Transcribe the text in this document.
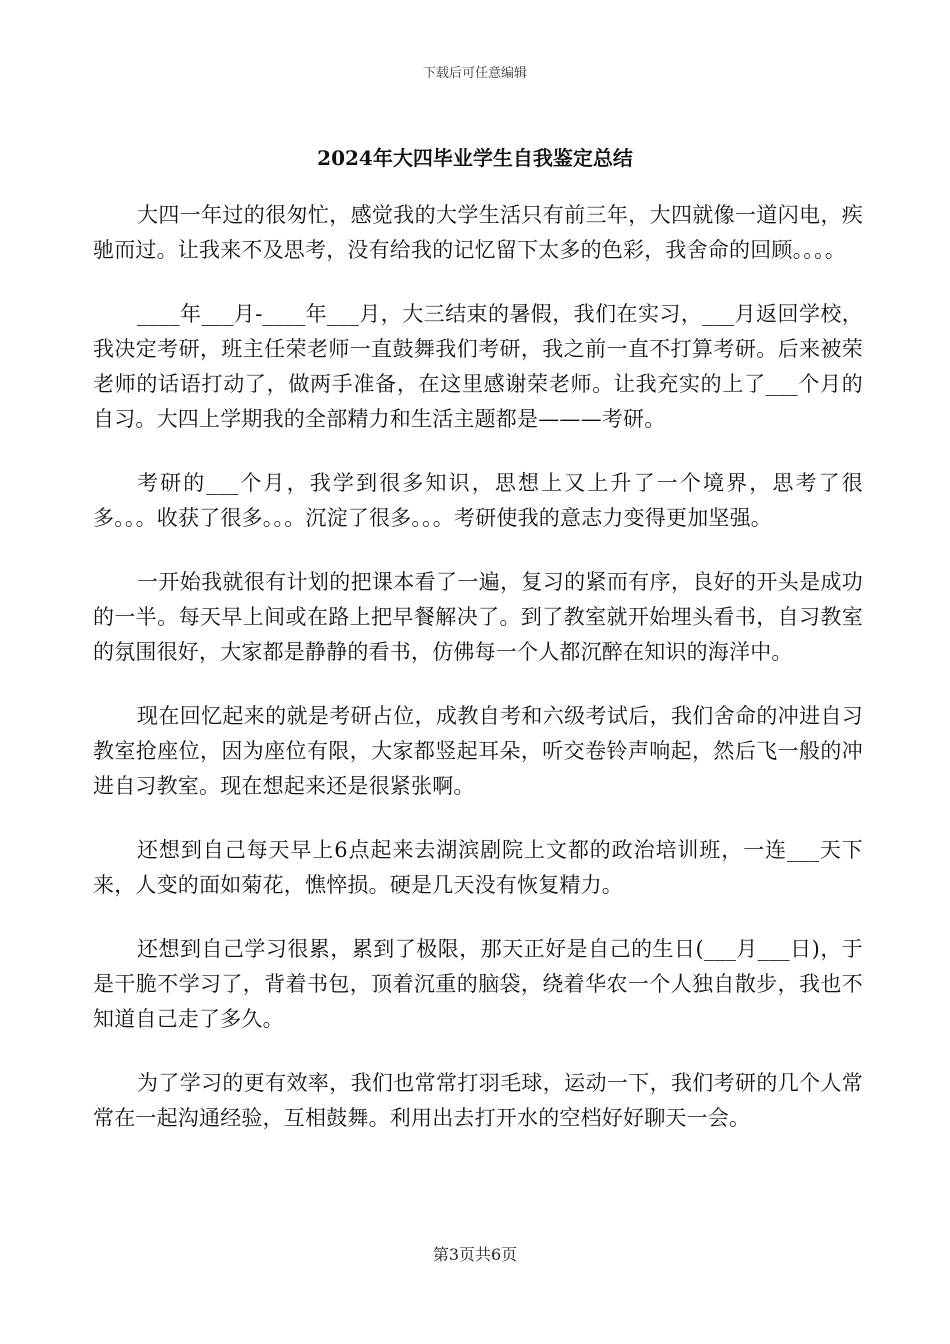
下载后可任意编辑
2024年大四毕业学生自我鉴定总结

大四一年过的很匆忙，感觉我的大学生活只有前三年，大四就像一道闪电，疾驰而过。让我来不及思考，没有给我的记忆留下太多的色彩，我舍命的回顾。。。。

____年___月-____年___月，大三结束的暑假，我们在实习，___月返回学校，我决定考研，班主任荣老师一直鼓舞我们考研，我之前一直不打算考研。后来被荣老师的话语打动了，做两手准备，在这里感谢荣老师。让我充实的上了___个月的自习。大四上学期我的全部精力和生活主题都是———考研。

考研的___个月，我学到很多知识，思想上又上升了一个境界，思考了很多。。。收获了很多。。。沉淀了很多。。。考研使我的意志力变得更加坚强。

一开始我就很有计划的把课本看了一遍，复习的紧而有序，良好的开头是成功的一半。每天早上间或在路上把早餐解决了。到了教室就开始埋头看书，自习教室的氛围很好，大家都是静静的看书，仿佛每一个人都沉醉在知识的海洋中。

现在回忆起来的就是考研占位，成教自考和六级考试后，我们舍命的冲进自习教室抢座位，因为座位有限，大家都竖起耳朵，听交卷铃声响起，然后飞一般的冲进自习教室。现在想起来还是很紧张啊。

还想到自己每天早上6点起来去湖滨剧院上文都的政治培训班，一连___天下来，人变的面如菊花，憔悴损。硬是几天没有恢复精力。

还想到自己学习很累，累到了极限，那天正好是自己的生日(___月___日)，于是干脆不学习了，背着书包，顶着沉重的脑袋，绕着华农一个人独自散步，我也不知道自己走了多久。

为了学习的更有效率，我们也常常打羽毛球，运动一下，我们考研的几个人常常在一起沟通经验，互相鼓舞。利用出去打开水的空档好好聊天一会。

第3页共6页
